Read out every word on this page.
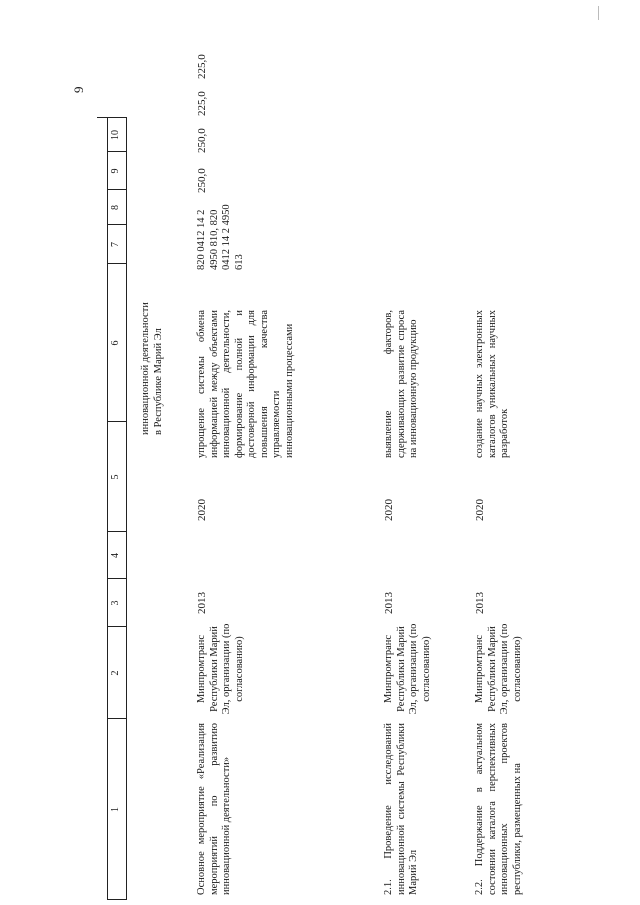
9
1
2
3
4
5
6
7
8
9
10
инновационной деятельности в Республике Марий Эл
Основное мероприятие «Реализация мероприятий по развитию инновационной деятельности»
Минпромтранс Республики Марий Эл, организации (по согласованию)
2013
2020
упрощение системы обмена информацией между объектами инновационной деятельности, формирование полной и достоверной информации для повышения качества управляемости инновационными процессами
820 0412 14 2 4950 810, 820 0412 14 2 4950 613
250,0
250,0
225,0
225,0
2.1. Проведение исследований инновационной системы Республики Марий Эл
Минпромтранс Республики Марий Эл, организации (по согласованию)
2013
2020
выявление факторов, сдерживающих развитие спроса на инновационную продукцию
2.2. Поддержание в актуальном состоянии каталога перспективных инновационных проектов республики, размещенных на
Минпромтранс Республики Марий Эл, организации (по согласованию)
2013
2020
создание научных электронных каталогов уникальных научных разработок
